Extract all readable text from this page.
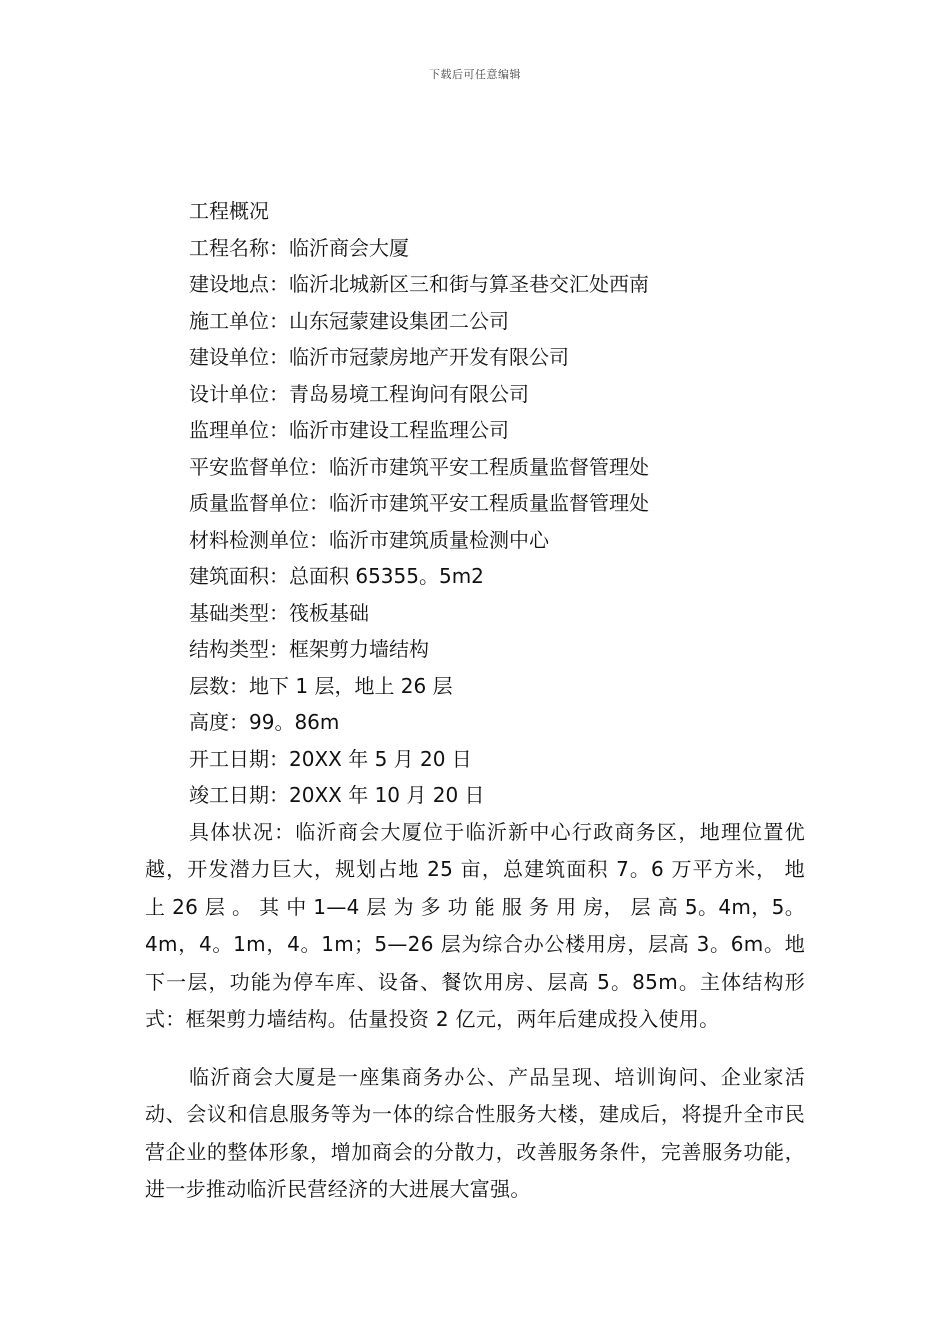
下载后可任意编辑
工程概况
工程名称：临沂商会大厦
建设地点：临沂北城新区三和街与算圣巷交汇处西南
施工单位：山东冠蒙建设集团二公司
建设单位：临沂市冠蒙房地产开发有限公司
设计单位：青岛易境工程询问有限公司
监理单位：临沂市建设工程监理公司
平安监督单位：临沂市建筑平安工程质量监督管理处
质量监督单位：临沂市建筑平安工程质量监督管理处
材料检测单位：临沂市建筑质量检测中心
建筑面积：总面积 65355。5m2
基础类型：筏板基础
结构类型：框架剪力墙结构
层数：地下 1 层，地上 26 层
高度：99。86m
开工日期：20XX 年 5 月 20 日
竣工日期：20XX 年 10 月 20 日

具体状况：临沂商会大厦位于临沂新中心行政商务区，地理位置优越，开发潜力巨大，规划占地 25 亩，总建筑面积 7。6 万平方米， 地 上 26 层 。 其 中 1—4 层 为 多 功 能 服 务 用 房， 层 高 5。4m，5。4m，4。1m，4。1m；5—26 层为综合办公楼用房，层高 3。6m。地下一层，功能为停车库、设备、餐饮用房、层高 5。85m。主体结构形式：框架剪力墙结构。估量投资 2 亿元，两年后建成投入使用。

临沂商会大厦是一座集商务办公、产品呈现、培训询问、企业家活动、会议和信息服务等为一体的综合性服务大楼，建成后，将提升全市民营企业的整体形象，增加商会的分散力，改善服务条件，完善服务功能，进一步推动临沂民营经济的大进展大富强。
